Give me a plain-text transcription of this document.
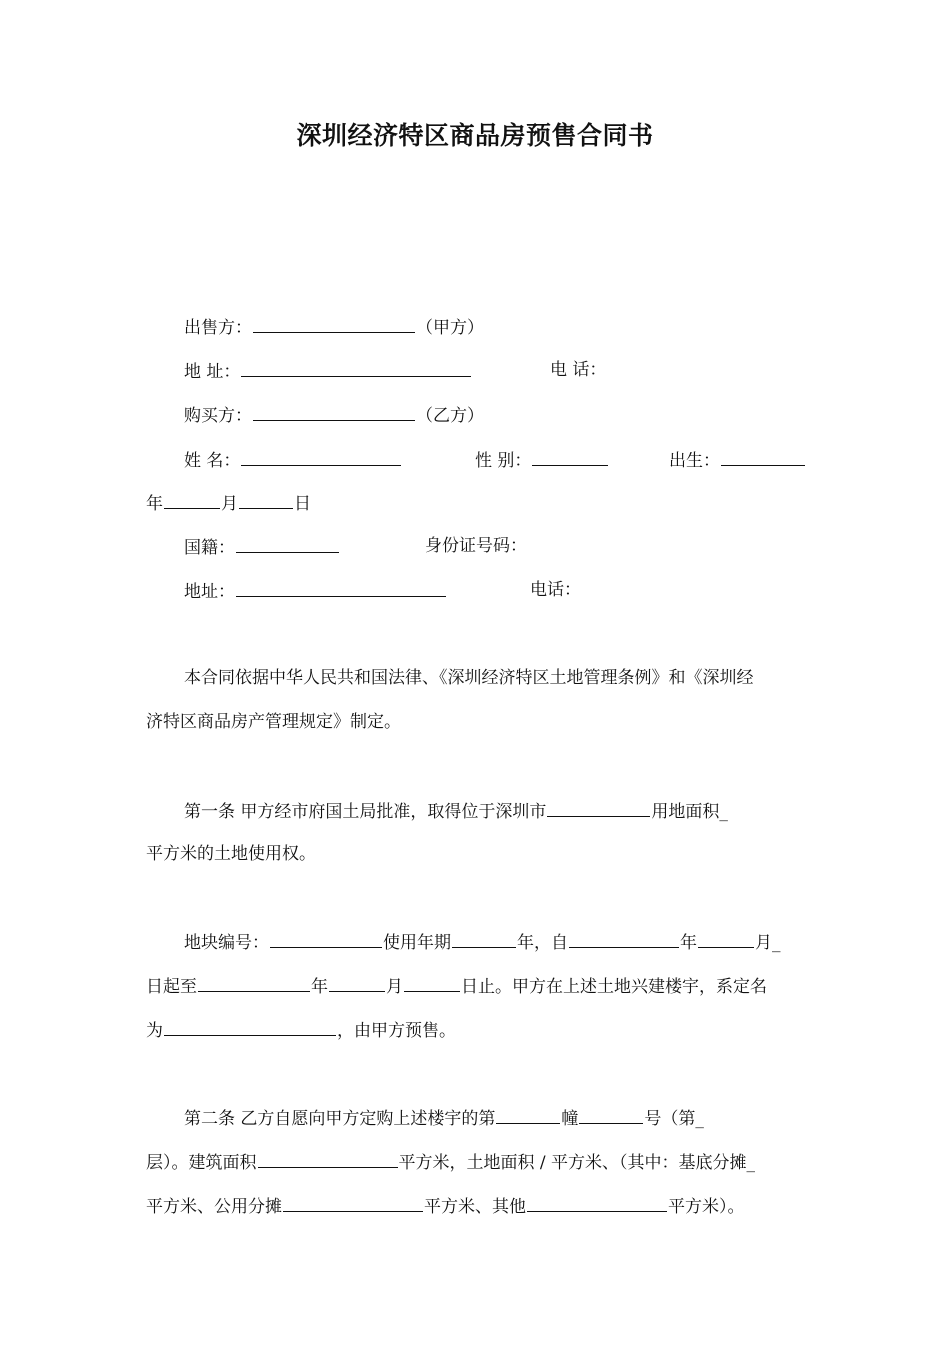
深圳经济特区商品房预售合同书
出售方：	（甲方）
地 址：	电 话：
购买方：	（乙方）
姓 名：	性 别：	出生：
年	月	日
国籍：	身份证号码：
地址：	电话：
本合同依据中华人民共和国法律、《深圳经济特区土地管理条例》和《深圳经
济特区商品房产管理规定》制定。
第一条 甲方经市府国土局批准，取得位于深圳市	用地面积_
平方米的土地使用权。
地块编号：	使用年期	年，自	年	月_
日起至	年	月	日止。甲方在上述土地兴建楼宇，系定名
为	，由甲方预售。
第二条 乙方自愿向甲方定购上述楼宇的第	幢	号（第_
层）。建筑面积	平方米，土地面积 / 平方米、（其中：基底分摊_
平方米、公用分摊	平方米、其他	平方米）。
